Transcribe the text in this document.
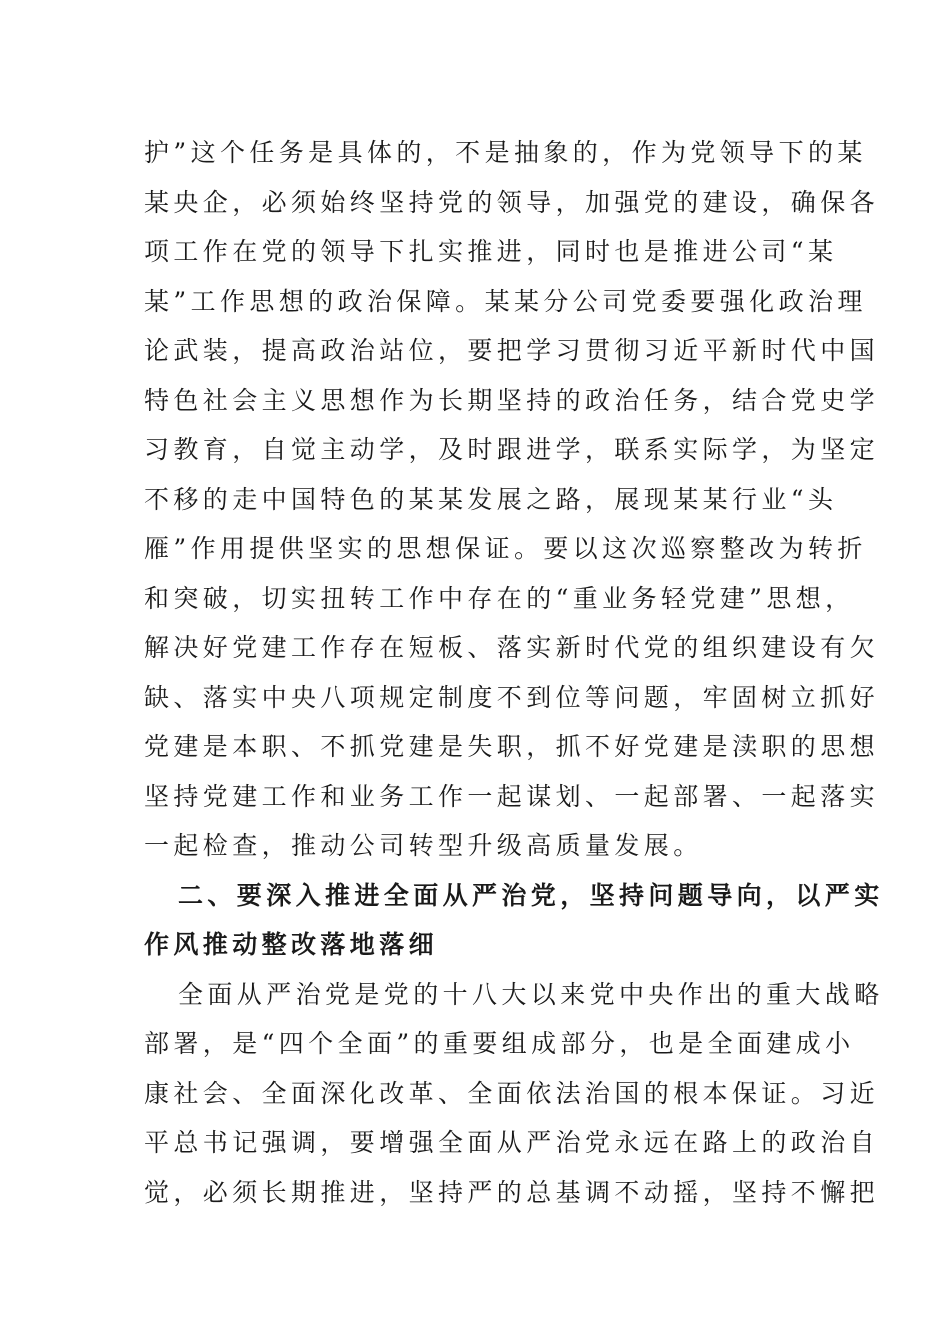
护”这个任务是具体的，不是抽象的，作为党领导下的某
某央企，必须始终坚持党的领导，加强党的建设，确保各
项工作在党的领导下扎实推进，同时也是推进公司“某
某”工作思想的政治保障。某某分公司党委要强化政治理
论武装，提高政治站位，要把学习贯彻习近平新时代中国
特色社会主义思想作为长期坚持的政治任务，结合党史学
习教育，自觉主动学，及时跟进学，联系实际学，为坚定
不移的走中国特色的某某发展之路，展现某某行业“头
雁”作用提供坚实的思想保证。要以这次巡察整改为转折
和突破，切实扭转工作中存在的“重业务轻党建”思想，
解决好党建工作存在短板、落实新时代党的组织建设有欠
缺、落实中央八项规定制度不到位等问题，牢固树立抓好
党建是本职、不抓党建是失职，抓不好党建是渎职的思想
坚持党建工作和业务工作一起谋划、一起部署、一起落实
一起检查，推动公司转型升级高质量发展。
二、要深入推进全面从严治党，坚持问题导向，以严实
作风推动整改落地落细
全面从严治党是党的十八大以来党中央作出的重大战略
部署，是“四个全面”的重要组成部分，也是全面建成小
康社会、全面深化改革、全面依法治国的根本保证。习近
平总书记强调，要增强全面从严治党永远在路上的政治自
觉，必须长期推进，坚持严的总基调不动摇，坚持不懈把
